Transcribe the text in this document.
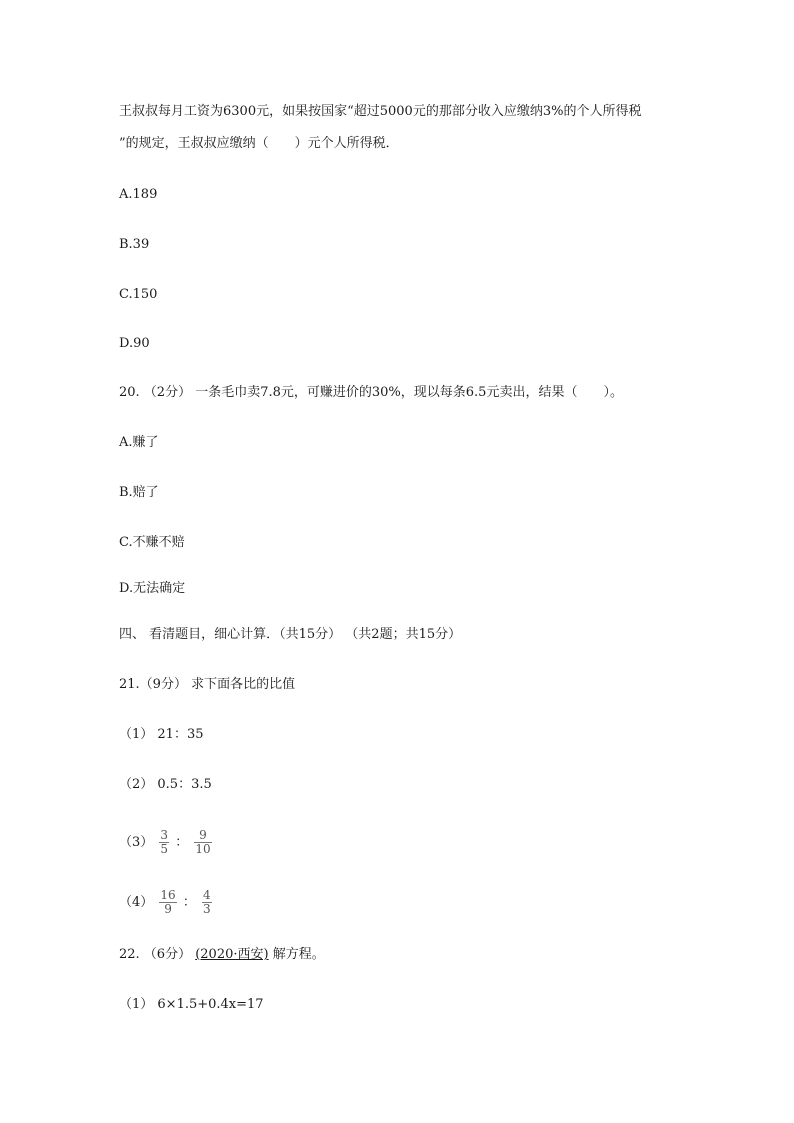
王叔叔每月工资为6300元，如果按国家“超过5000元的那部分收入应缴纳3%的个人所得税
”的规定，王叔叔应缴纳（　　）元个人所得税．
A.189
B.39
C.150
D.90
20. （2分） 一条毛巾卖7.8元，可赚进价的30%，现以每条6.5元卖出，结果（　　）。
A.赚了
B.赔了
C.不赚不赔
D.无法确定
四、 看清题目，细心计算．（共15分） （共2题；共15分）
21.（9分） 求下面各比的比值
（1） 21：35
（2） 0.5：3.5
$(3) \frac{3}{5}$ ： $\frac{9}{10}$
$(4) \frac{16}{9}$ ： $\frac{4}{3}$
22. （6分） (2020·西安) 解方程。
（1） 6×1.5+0.4x=17
